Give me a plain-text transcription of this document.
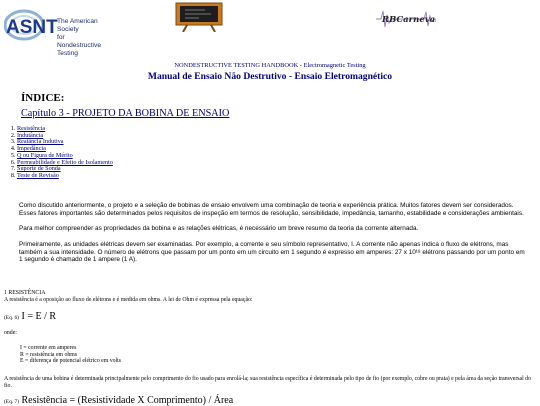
ASNT The American Society
for Nondestructive Testing
RBCarneval
NONDESTRUCTIVE TESTING HANDBOOK - Electromagnetic Testing
Manual de Ensaio Não Destrutivo - Ensaio Eletromagnético
ÍNDICE:
Capítulo 3 - PROJETO DA BOBINA DE ENSAIO
1. Resistência
2. Indutância
3. Reatância Indutiva
4. Impedância
5. Q ou Figura de Mérito
6. Permeabilidade e Efeito de Isolamento
7. Suporte de Sonda
8. Teste de Revisão
Como discutido anteriormente, o projeto e a seleção de bobinas de ensaio envolvem uma combinação de teoria e experiência prática. Muitos fatores devem ser considerados. Esses fatores importantes são determinados pelos requisitos de inspeção em termos de resolução, sensibilidade, impedância, tamanho, estabilidade e considerações ambientais.
Para melhor compreender as propriedades da bobina e as relações elétricas, é necessário um breve resumo da teoria da corrente alternada.
Primeiramente, as unidades elétricas devem ser examinadas. Por exemplo, a corrente e seu símbolo representativo, I. A corrente não apenas indica o fluxo de elétrons, mas também a sua intensidade. O número de elétrons que passam por um ponto em um circuito em 1 segundo é expresso em amperes: 27 x 10¹⁸ elétrons passando por um ponto em 1 segundo é chamado de 1 ampere (1 A).
1 RESISTÊNCIA
A resistência é a oposição ao fluxo de elétrons e é medida em ohms. A lei de Ohm é expressa pela equação:
(Eq. 6) I = E / R
onde:
I = corrente em amperes
R = resistência em ohms
E = diferença de potencial elétrico em volts
A resistência de uma bobina é determinada principalmente pelo comprimento do fio usado para enrolá-la; sua resistência específica é determinada pelo tipo de fio (por exemplo, cobre ou prata) e pela área da seção transversal do fio.
(Eq. 7) Resistência = (Resistividade X Comprimento) / Área
